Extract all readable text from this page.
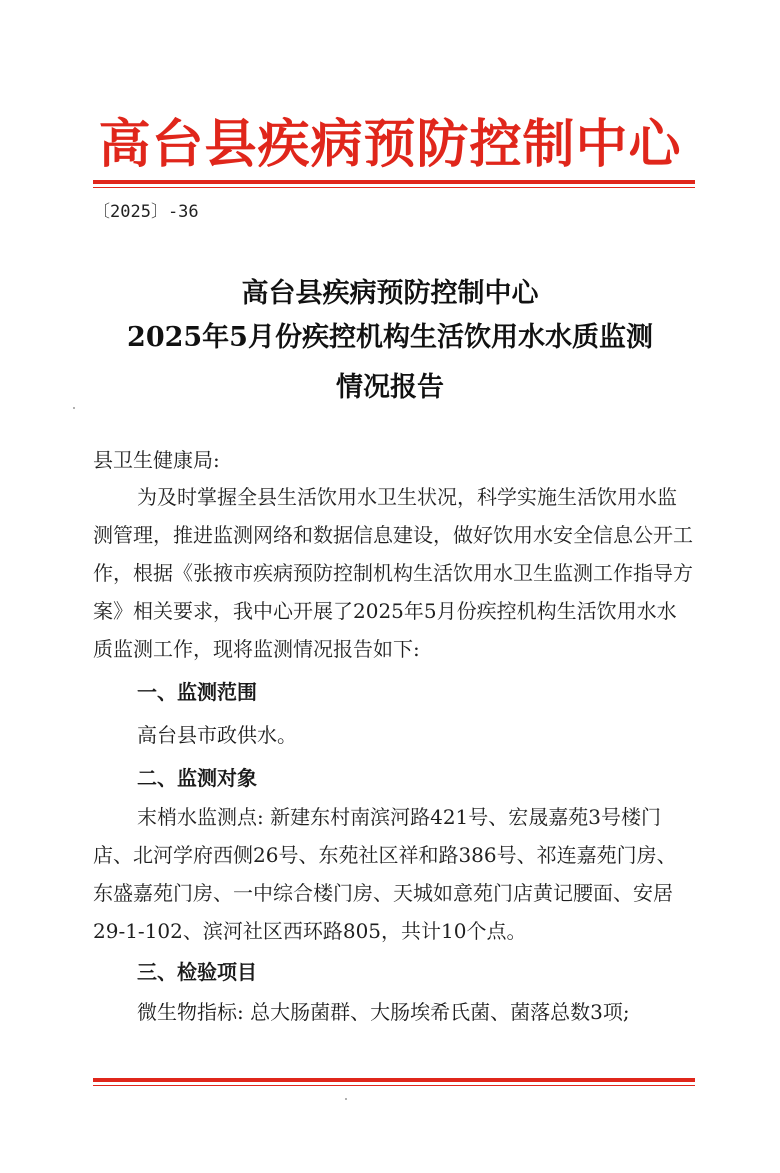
高台县疾病预防控制中心
〔2025〕-36
高台县疾病预防控制中心
2025年5月份疾控机构生活饮用水水质监测
情况报告
县卫生健康局:
为及时掌握全县生活饮用水卫生状况，科学实施生活饮用水监测管理，推进监测网络和数据信息建设，做好饮用水安全信息公开工作，根据《张掖市疾病预防控制机构生活饮用水卫生监测工作指导方案》相关要求，我中心开展了2025年5月份疾控机构生活饮用水水质监测工作，现将监测情况报告如下:
一、监测范围
高台县市政供水。
二、监测对象
末梢水监测点: 新建东村南滨河路421号、宏晟嘉苑3号楼门店、北河学府西侧26号、东苑社区祥和路386号、祁连嘉苑门房、东盛嘉苑门房、一中综合楼门房、天城如意苑门店黄记腰面、安居29-1-102、滨河社区西环路805，共计10个点。
三、检验项目
微生物指标: 总大肠菌群、大肠埃希氏菌、菌落总数3项;
